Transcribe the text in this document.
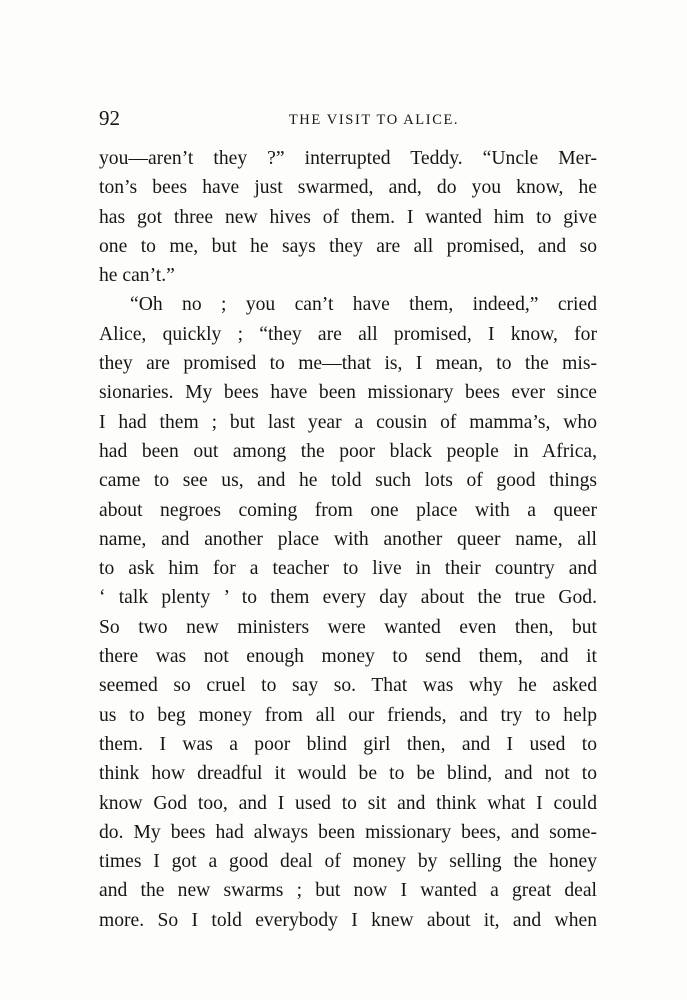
92	THE VISIT TO ALICE.
you—aren’t they ?” interrupted Teddy. “Uncle Mer-
ton’s bees have just swarmed, and, do you know, he
has got three new hives of them. I wanted him to give
one to me, but he says they are all promised, and so
he can’t.”
“Oh no ; you can’t have them, indeed,” cried
Alice, quickly ; “they are all promised, I know, for
they are promised to me—that is, I mean, to the mis-
sionaries. My bees have been missionary bees ever since
I had them ; but last year a cousin of mamma’s, who
had been out among the poor black people in Africa,
came to see us, and he told such lots of good things
about negroes coming from one place with a queer
name, and another place with another queer name, all
to ask him for a teacher to live in their country and
‘ talk plenty ’ to them every day about the true God.
So two new ministers were wanted even then, but
there was not enough money to send them, and it
seemed so cruel to say so. That was why he asked
us to beg money from all our friends, and try to help
them. I was a poor blind girl then, and I used to
think how dreadful it would be to be blind, and not to
know God too, and I used to sit and think what I could
do. My bees had always been missionary bees, and some-
times I got a good deal of money by selling the honey
and the new swarms ; but now I wanted a great deal
more. So I told everybody I knew about it, and when
